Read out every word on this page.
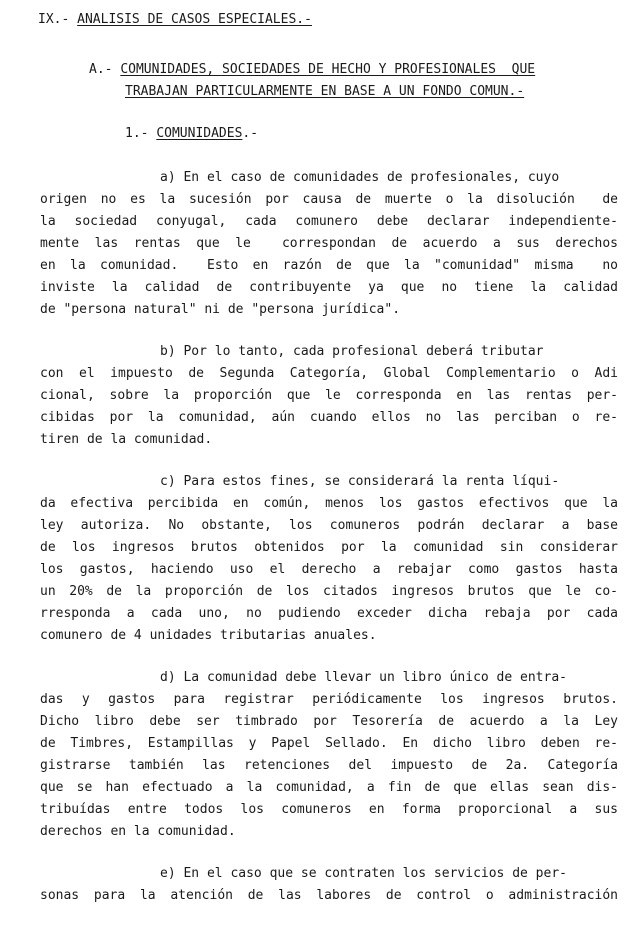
IX.- ANALISIS DE CASOS ESPECIALES.-
A.- COMUNIDADES, SOCIEDADES DE HECHO Y PROFESIONALES  QUE
TRABAJAN PARTICULARMENTE EN BASE A UN FONDO COMUN.-
1.- COMUNIDADES.-
a) En el caso de comunidades de profesionales, cuyo
origen no es la sucesión por causa de muerte o la disolución  de
la sociedad conyugal, cada comunero debe declarar independiente-
mente las rentas que le  correspondan de acuerdo a sus derechos
en la comunidad.  Esto en razón de que la "comunidad" misma  no
inviste la calidad de contribuyente ya que no tiene la calidad
de "persona natural" ni de "persona jurídica".
b) Por lo tanto, cada profesional deberá tributar
con el impuesto de Segunda Categoría, Global Complementario o Adi
cional, sobre la proporción que le corresponda en las rentas per-
cibidas por la comunidad, aún cuando ellos no las perciban o re-
tiren de la comunidad.
c) Para estos fines, se considerará la renta líqui-
da efectiva percibida en común, menos los gastos efectivos que la
ley autoriza. No obstante, los comuneros podrán declarar a base
de los ingresos brutos obtenidos por la comunidad sin considerar
los gastos, haciendo uso el derecho a rebajar como gastos hasta
un 20% de la proporción de los citados ingresos brutos que le co-
rresponda a cada uno, no pudiendo exceder dicha rebaja por cada
comunero de 4 unidades tributarias anuales.
d) La comunidad debe llevar un libro único de entra-
das y gastos para registrar periódicamente los ingresos brutos.
Dicho libro debe ser timbrado por Tesorería de acuerdo a la Ley
de Timbres, Estampillas y Papel Sellado. En dicho libro deben re-
gistrarse también las retenciones del impuesto de 2a. Categoría
que se han efectuado a la comunidad, a fin de que ellas sean dis-
tribuídas entre todos los comuneros en forma proporcional a sus
derechos en la comunidad.
e) En el caso que se contraten los servicios de per-
sonas para la atención de las labores de control o administración
